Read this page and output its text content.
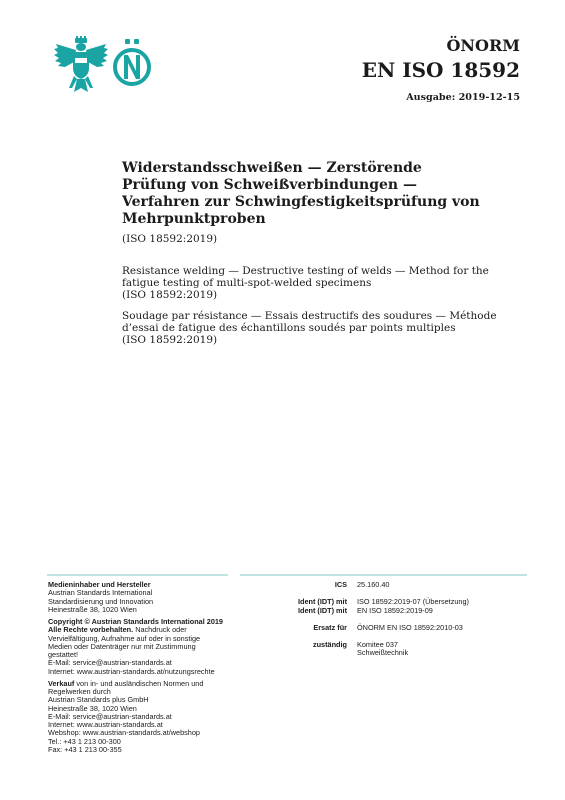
ÖNORM
EN ISO 18592
Ausgabe: 2019-12-15
Widerstandsschweißen — Zerstörende Prüfung von Schweißverbindungen — Verfahren zur Schwingfestigkeitsprüfung von Mehrpunktproben
(ISO 18592:2019)
Resistance welding — Destructive testing of welds — Method for the
fatigue testing of multi-spot-welded specimens
(ISO 18592:2019)
Soudage par résistance — Essais destructifs des soudures — Méthode
d’essai de fatigue des échantillons soudés par points multiples
(ISO 18592:2019)
Medieninhaber und Hersteller
Austrian Standards International
Standardisierung und Innovation
Heinestraße 38, 1020 Wien
Copyright © Austrian Standards International 2019
Alle Rechte vorbehalten. Nachdruck oder
Vervielfältigung, Aufnahme auf oder in sonstige
Medien oder Datenträger nur mit Zustimmung
gestattet!
E-Mail: service@austrian-standards.at
Internet: www.austrian-standards.at/nutzungsrechte
Verkauf von in- und ausländischen Normen und
Regelwerken durch
Austrian Standards plus GmbH
Heinestraße 38, 1020 Wien
E-Mail: service@austrian-standards.at
Internet: www.austrian-standards.at
Webshop: www.austrian-standards.at/webshop
Tel.: +43 1 213 00-300
Fax: +43 1 213 00-355
ICS	25.160.40
Ident (IDT) mit	ISO 18592:2019-07 (Übersetzung)
Ident (IDT) mit	EN ISO 18592:2019-09
Ersatz für	ÖNORM EN ISO 18592:2010-03
zuständig	Komitee 037
Schweißtechnik
